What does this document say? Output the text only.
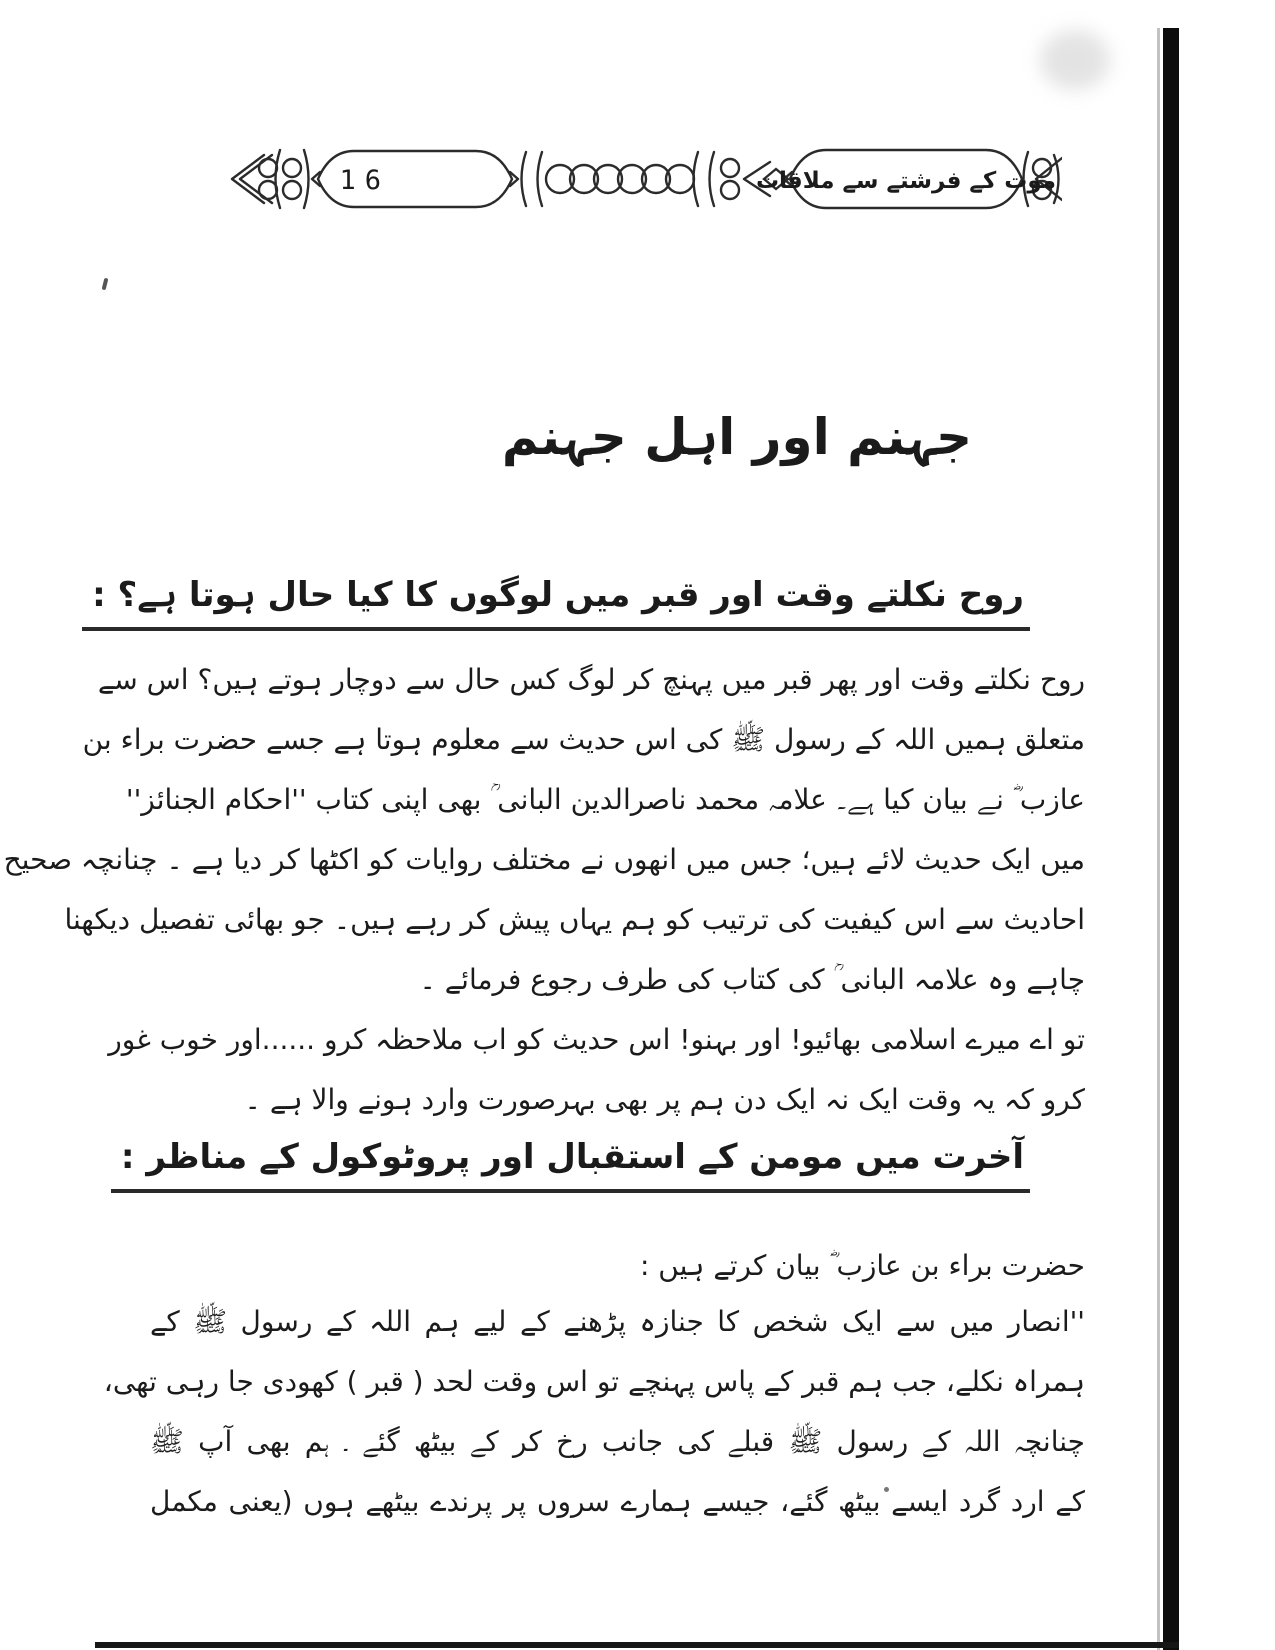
16	موت کے فرشتے سے ملاقات
جہنم اور اہل جہنم
روح نکلتے وقت اور قبر میں لوگوں کا کیا حال ہوتا ہے؟ :
روح نکلتے وقت اور پھر قبر میں پہنچ کر لوگ کس حال سے دوچار ہوتے ہیں؟ اس سے
متعلق ہمیں اللہ کے رسول ﷺ کی اس حدیث سے معلوم ہوتا ہے جسے حضرت براء بن
عازب ؓ نے بیان کیا ہے۔ علامہ محمد ناصرالدین البانی ؒ بھی اپنی کتاب ''احکام الجنائز''
میں ایک حدیث لائے ہیں؛ جس میں انھوں نے مختلف روایات کو اکٹھا کر دیا ہے ۔ چنانچہ صحیح
احادیث سے اس کیفیت کی ترتیب کو ہم یہاں پیش کر رہے ہیں۔ جو بھائی تفصیل دیکھنا
چاہے وہ علامہ البانی ؒ کی کتاب کی طرف رجوع فرمائے ۔
تو اے میرے اسلامی بھائیو! اور بہنو! اس حدیث کو اب ملاحظہ کرو ......اور خوب غور
کرو کہ یہ وقت ایک نہ ایک دن ہم پر بھی بہرصورت وارد ہونے والا ہے ۔
آخرت میں مومن کے استقبال اور پروٹوکول کے مناظر :
حضرت براء بن عازب ؓ بیان کرتے ہیں :
''انصار میں سے ایک شخص کا جنازہ پڑھنے کے لیے ہم اللہ کے رسول ﷺ کے
ہمراہ نکلے، جب ہم قبر کے پاس پہنچے تو اس وقت لحد ( قبر ) کھودی جا رہی تھی،
چنانچہ اللہ کے رسول ﷺ قبلے کی جانب رخ کر کے بیٹھ گئے ۔ ہم بھی آپ ﷺ
کے ارد گرد ایسے بیٹھ گئے، جیسے ہمارے سروں پر پرندے بیٹھے ہوں (یعنی مکمل
